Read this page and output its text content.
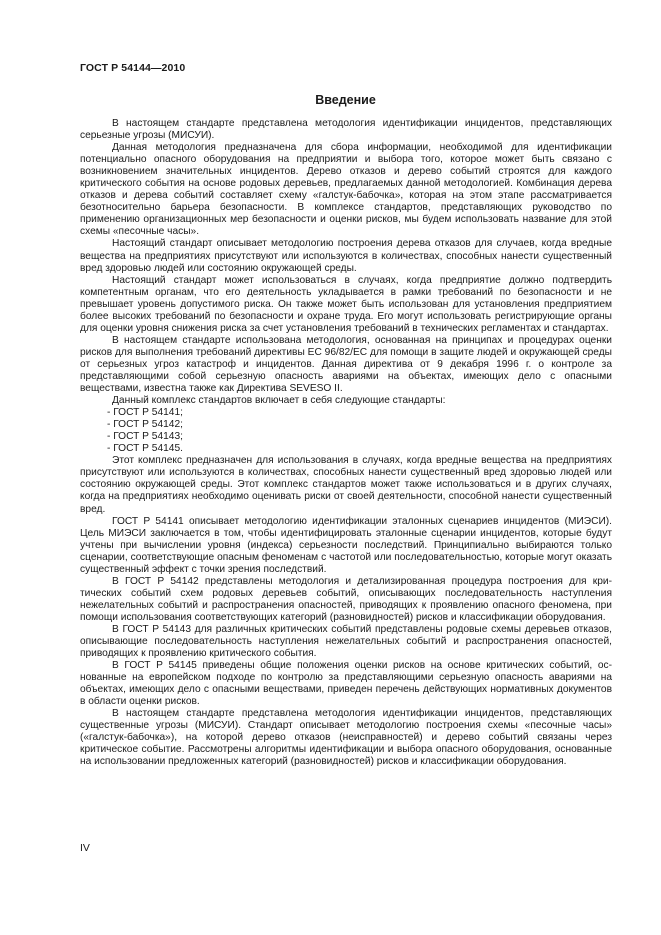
ГОСТ Р 54144—2010
Введение

В настоящем стандарте представлена методология идентификации инцидентов, представляющих серьезные угрозы (МИСУИ).

Данная методология предназначена для сбора информации, необходимой для идентификации потенциально опасного оборудования на предприятии и выбора того, которое может быть связано с возникновением значительных инцидентов. Дерево отказов и дерево событий строятся для каждого критического события на основе родовых деревьев, предлагаемых данной методологией. Комбинация дерева отказов и дерева событий составляет схему «галстук-бабочка», которая на этом этапе рассматривается безотносительно барьера безопасности. В комплексе стандартов, представляющих руководство по применению организационных мер безопасности и оценки рисков, мы будем использовать название для этой схемы «песочные часы».

Настоящий стандарт описывает методологию построения дерева отказов для случаев, когда вредные вещества на предприятиях присутствуют или используются в количествах, способных нанести существенный вред здоровью людей или состоянию окружающей среды.

Настоящий стандарт может использоваться в случаях, когда предприятие должно подтвердить компетентным органам, что его деятельность укладывается в рамки требований по безопасности и не превышает уровень допустимого риска. Он также может быть использован для установления предприятием более высоких требований по безопасности и охране труда. Его могут использовать регистрирующие органы для оценки уровня снижения риска за счет установления требований в технических регламентах и стандартах.

В настоящем стандарте использована методология, основанная на принципах и процедурах оценки рисков для выполнения требований директивы ЕС 96/82/ЕС для помощи в защите людей и окружающей среды от серьезных угроз катастроф и инцидентов. Данная директива от 9 декабря 1996 г. о контроле за представляющими собой серьезную опасность авариями на объектах, имеющих дело с опасными веществами, известна также как Директива SEVESO II.

Данный комплекс стандартов включает в себя следующие стандарты:

- ГОСТ Р 54141;
- ГОСТ Р 54142;
- ГОСТ Р 54143;
- ГОСТ Р 54145.

Этот комплекс предназначен для использования в случаях, когда вредные вещества на предприятиях присутствуют или используются в количествах, способных нанести существенный вред здоровью людей или состоянию окружающей среды. Этот комплекс стандартов может также использоваться и в других случаях, когда на предприятиях необходимо оценивать риски от своей деятельности, способной нанести существенный вред.

ГОСТ Р 54141 описывает методологию идентификации эталонных сценариев инцидентов (МИЭСИ). Цель МИЭСИ заключается в том, чтобы идентифицировать эталонные сценарии инцидентов, которые будут учтены при вычислении уровня (индекса) серьезности последствий. Принципиально выбираются только сценарии, соответствующие опасным феноменам с частотой или последовательностью, которые могут оказать существенный эффект с точки зрения последствий.

В ГОСТ Р 54142 представлены методология и детализированная процедура построения для критических событий схем родовых деревьев событий, описывающих последовательность наступления нежелательных событий и распространения опасностей, приводящих к проявлению опасного феномена, при помощи использования соответствующих категорий (разновидностей) рисков и классификации оборудования.

В ГОСТ Р 54143 для различных критических событий представлены родовые схемы деревьев отказов, описывающие последовательность наступления нежелательных событий и распространения опасностей, приводящих к проявлению критического события.

В ГОСТ Р 54145 приведены общие положения оценки рисков на основе критических событий, основанные на европейском подходе по контролю за представляющими серьезную опасность авариями на объектах, имеющих дело с опасными веществами, приведен перечень действующих нормативных документов в области оценки рисков.

В настоящем стандарте представлена методология идентификации инцидентов, представляющих существенные угрозы (МИСУИ). Стандарт описывает методологию построения схемы «песочные часы» («галстук-бабочка»), на которой дерево отказов (неисправностей) и дерево событий связаны через критическое событие. Рассмотрены алгоритмы идентификации и выбора опасного оборудования, основанные на использовании предложенных категорий (разновидностей) рисков и классификации оборудования.

IV
